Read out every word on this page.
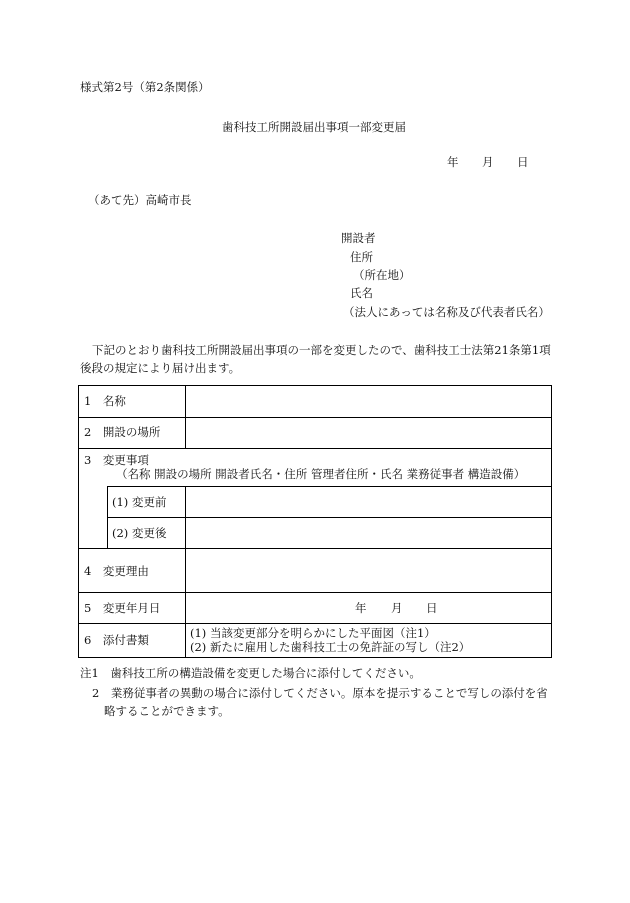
様式第2号（第2条関係）
歯科技工所開設届出事項一部変更届
年 月 日
（あて先）高崎市長
開設者
住所
（所在地）
氏名
（法人にあっては名称及び代表者氏名）
下記のとおり歯科技工所開設届出事項の一部を変更したので、歯科技工士法第21条第1項
後段の規定により届け出ます。
1　名称
2　開設の場所
3　変更事項
（名称 開設の場所 開設者氏名・住所 管理者住所・氏名 業務従事者 構造設備）
(1) 変更前
(2) 変更後
4　変更理由
5　変更年月日	年 月 日
6　添付書類	(1) 当該変更部分を明らかにした平面図（注1）
(2) 新たに雇用した歯科技工士の免許証の写し（注2）
注1　歯科技工所の構造設備を変更した場合に添付してください。
2　業務従事者の異動の場合に添付してください。原本を提示することで写しの添付を省
略することができます。
